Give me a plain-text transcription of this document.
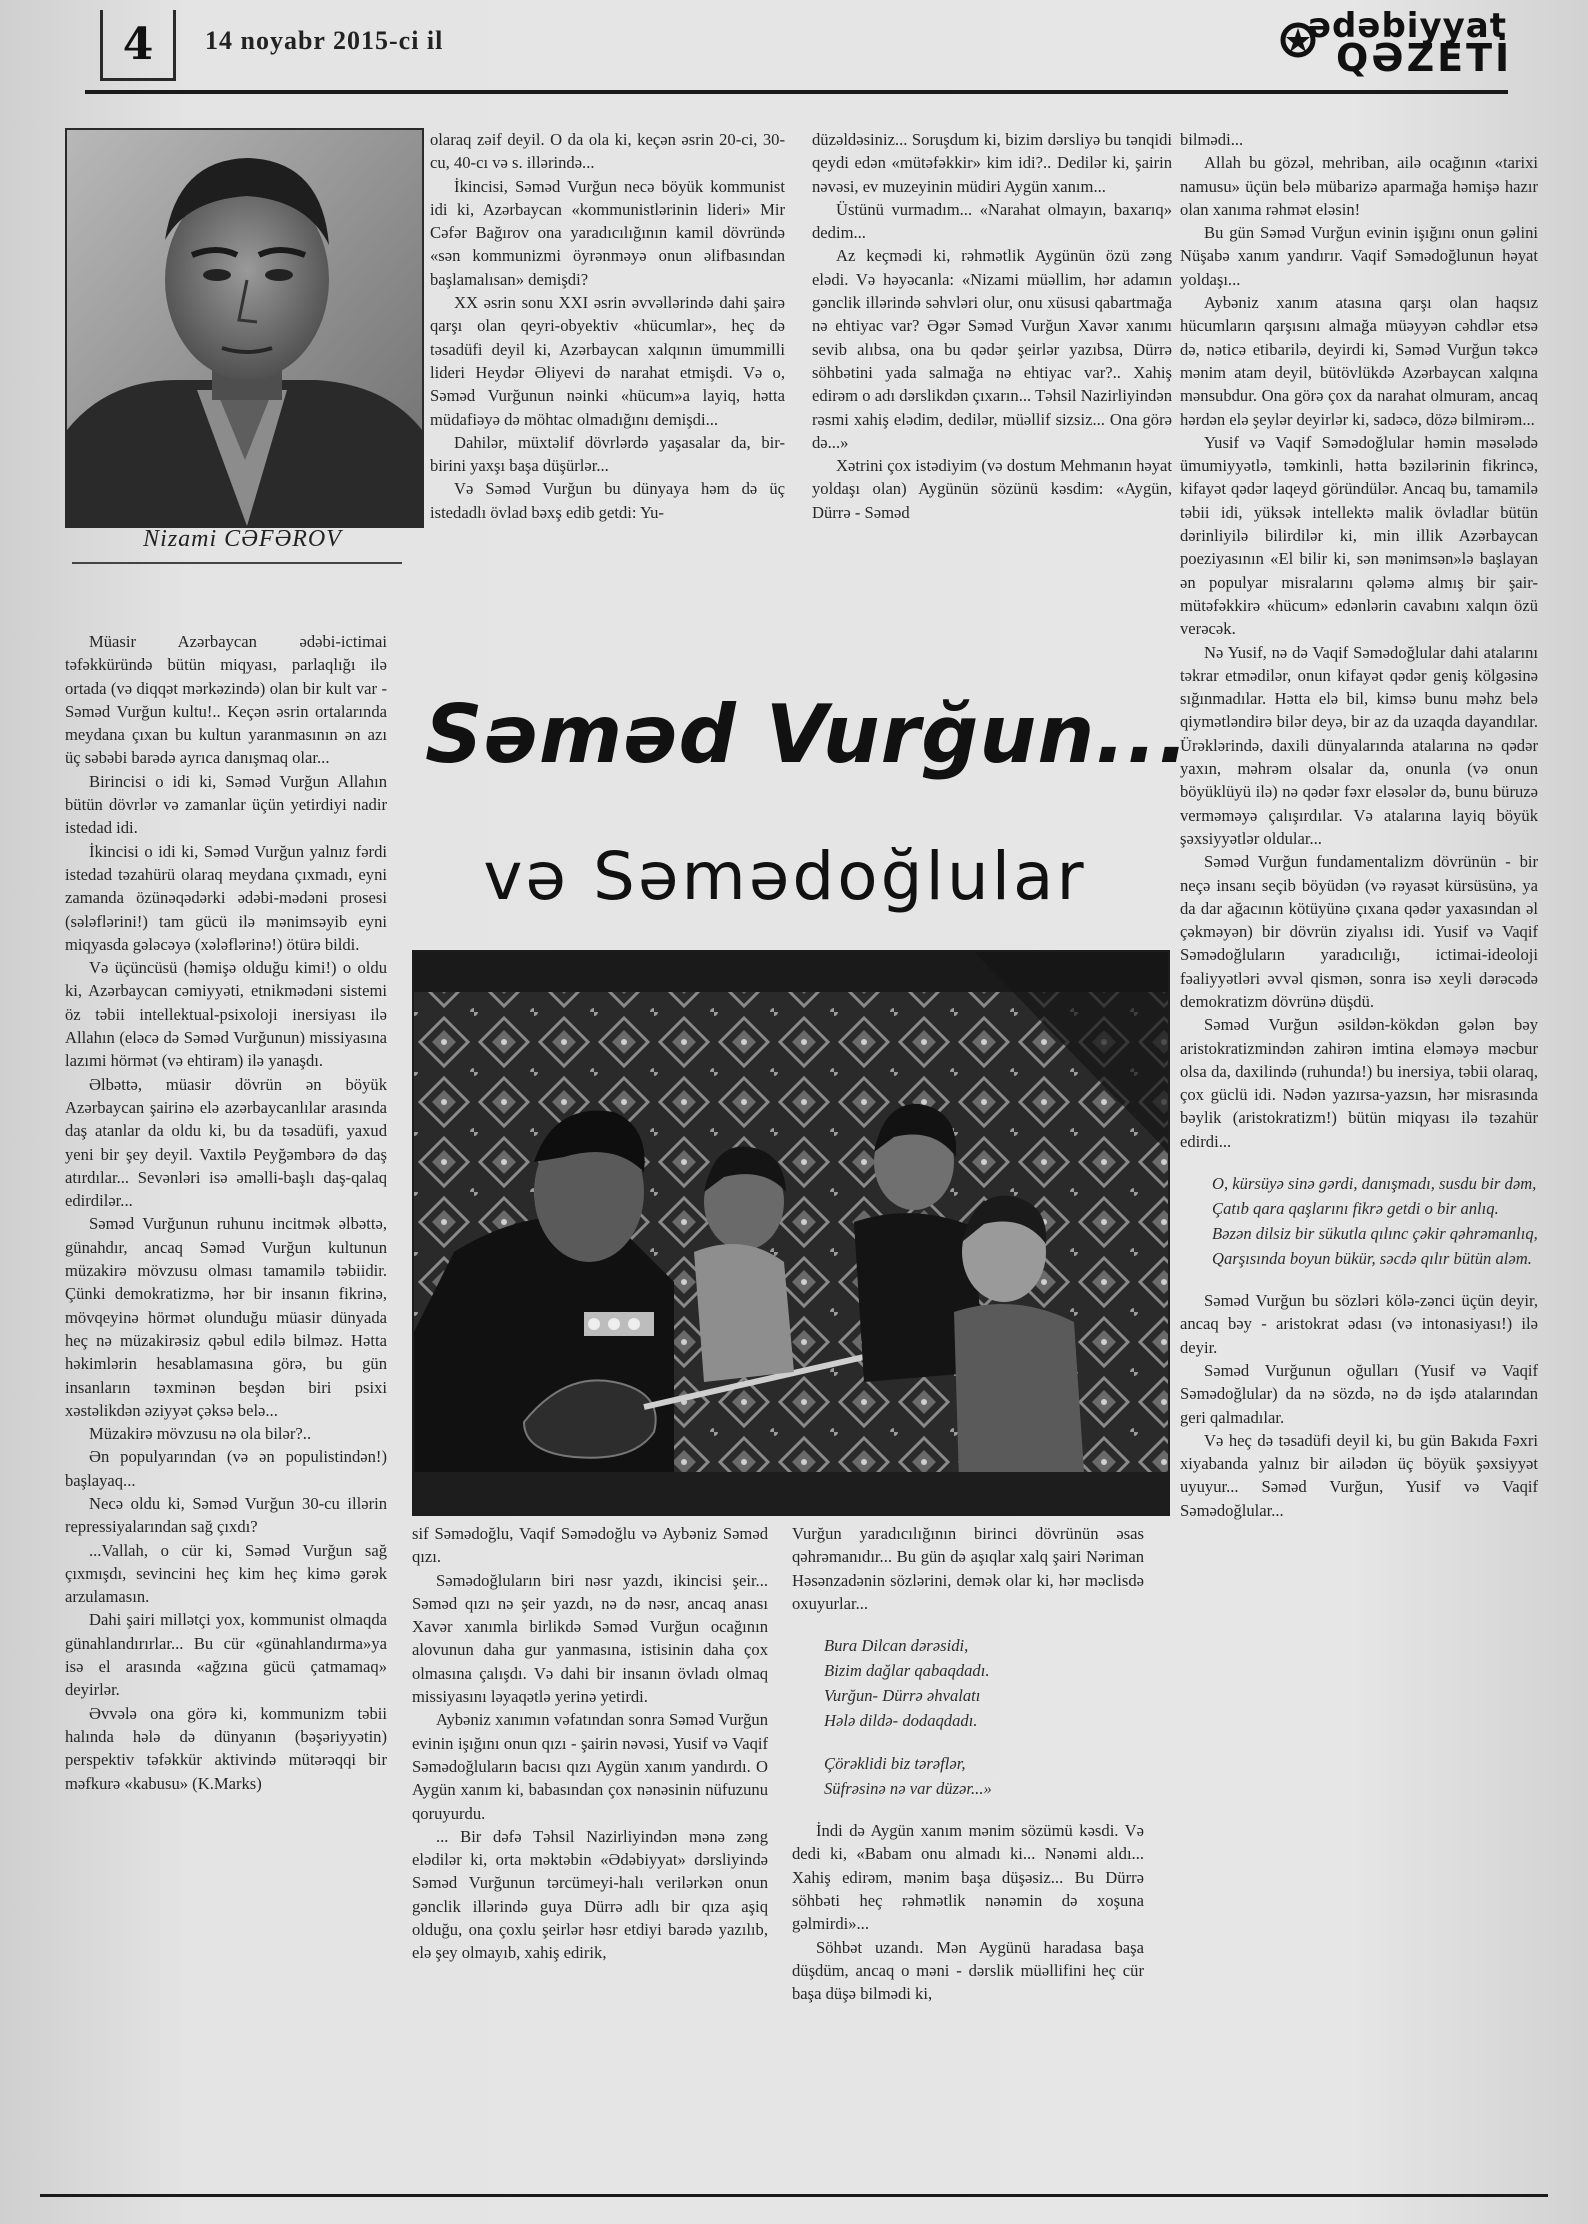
4	14 noyabr 2015-ci il	ədəbiyyat
QƏZETİ
Nizami CƏFƏROV

Müasir Azərbaycan ədəbi-ictimai təfəkküründə bütün miqyası, parlaqlığı ilə ortada (və diqqət mərkəzində) olan bir kult var - Səməd Vurğun kultu!.. Keçən əsrin ortalarında meydana çıxan bu kultun yaranmasının ən azı üç səbəbi barədə ayrıca danışmaq olar...

Birincisi o idi ki, Səməd Vurğun Allahın bütün dövrlər və zamanlar üçün yetirdiyi nadir istedad idi.

İkincisi o idi ki, Səməd Vurğun yalnız fərdi istedad təzahürü olaraq meydana çıxmadı, eyni zamanda özünəqədərki ədəbi-mədəni prosesi (sələflərini!) tam gücü ilə mənimsəyib eyni miqyasda gələcəyə (xələflərinə!) ötürə bildi.

Və üçüncüsü (həmişə olduğu kimi!) o oldu ki, Azərbaycan cəmiyyəti, etnikmədəni sistemi öz təbii intellektual-psixoloji inersiyası ilə Allahın (eləcə də Səməd Vurğunun) missiyasına lazımi hörmət (və ehtiram) ilə yanaşdı.

Əlbəttə, müasir dövrün ən böyük Azərbaycan şairinə elə azərbaycanlılar arasında daş atanlar da oldu ki, bu da təsadüfi, yaxud yeni bir şey deyil. Vaxtilə Peyğəmbərə də daş atırdılar... Sevənləri isə əməlli-başlı daş-qalaq edirdilər...

Səməd Vurğunun ruhunu incitmək əlbəttə, günahdır, ancaq Səməd Vurğun kultunun müzakirə mövzusu olması tamamilə təbiidir. Çünki demokratizmə, hər bir insanın fikrinə, mövqeyinə hörmət olunduğu müasir dünyada heç nə müzakirəsiz qəbul edilə bilməz. Hətta həkimlərin hesablamasına görə, bu gün insanların təxminən beşdən biri psixi xəstəlikdən əziyyət çəksə belə...

Müzakirə mövzusu nə ola bilər?..

Ən populyarından (və ən populistindən!) başlayaq...

Necə oldu ki, Səməd Vurğun 30-cu illərin repressiyalarından sağ çıxdı?

...Vallah, o cür ki, Səməd Vurğun sağ çıxmışdı, sevincini heç kim heç kimə gərək arzulamasın.

Dahi şairi millətçi yox, kommunist olmaqda günahlandırırlar... Bu cür «günahlandırma»ya isə el arasında «ağzına gücü çatmamaq» deyirlər.

Əvvələ ona görə ki, kommunizm təbii halında hələ də dünyanın (bəşəriyyətin) perspektiv təfəkkür aktivində mütərəqqi bir məfkurə «kabusu» (K.Marks)

olaraq zəif deyil. O da ola ki, keçən əsrin 20-ci, 30-cu, 40-cı və s. illərində...

İkincisi, Səməd Vurğun necə böyük kommunist idi ki, Azərbaycan «kommunistlərinin lideri» Mir Cəfər Bağırov ona yaradıcılığının kamil dövründə «sən kommunizmi öyrənməyə onun əlifbasından başlamalısan» demişdi?

XX əsrin sonu XXI əsrin əvvəllərində dahi şairə qarşı olan qeyri-obyektiv «hücumlar», heç də təsadüfi deyil ki, Azərbaycan xalqının ümummilli lideri Heydər Əliyevi də narahat etmişdi. Və o, Səməd Vurğunun nəinki «hücum»a layiq, hətta müdafiəyə də möhtac olmadığını demişdi...

Dahilər, müxtəlif dövrlərdə yaşasalar da, bir-birini yaxşı başa düşürlər...

Və Səməd Vurğun bu dünyaya həm də üç istedadlı övlad bəxş edib getdi: Yu-

düzəldəsiniz... Soruşdum ki, bizim dərsliyə bu tənqidi qeydi edən «mütəfəkkir» kim idi?.. Dedilər ki, şairin nəvəsi, ev muzeyinin müdiri Aygün xanım...

Üstünü vurmadım... «Narahat olmayın, baxarıq» dedim...

Az keçmədi ki, rəhmətlik Aygünün özü zəng elədi. Və həyəcanla: «Nizami müəllim, hər adamın gənclik illərində səhvləri olur, onu xüsusi qabartmağa nə ehtiyac var? Əgər Səməd Vurğun Xavər xanımı sevib alıbsa, ona bu qədər şeirlər yazıbsa, Dürrə söhbətini yada salmağa nə ehtiyac var?.. Xahiş edirəm o adı dərslikdən çıxarın... Təhsil Nazirliyindən rəsmi xahiş elədim, dedilər, müəllif sizsiz... Ona görə də...»

Xətrini çox istədiyim (və dostum Mehmanın həyat yoldaşı olan) Aygünün sözünü kəsdim: «Aygün, Dürrə - Səməd

Səməd Vurğun...
və Səmədoğlular

sif Səmədoğlu, Vaqif Səmədoğlu və Aybəniz Səməd qızı.

Səmədoğluların biri nəsr yazdı, ikincisi şeir... Səməd qızı nə şeir yazdı, nə də nəsr, ancaq anası Xavər xanımla birlikdə Səməd Vurğun ocağının alovunun daha gur yanmasına, istisinin daha çox olmasına çalışdı. Və dahi bir insanın övladı olmaq missiyasını ləyaqətlə yerinə yetirdi.

Aybəniz xanımın vəfatından sonra Səməd Vurğun evinin işığını onun qızı - şairin nəvəsi, Yusif və Vaqif Səmədoğluların bacısı qızı Aygün xanım yandırdı. O Aygün xanım ki, babasından çox nənəsinin nüfuzunu qoruyurdu.

... Bir dəfə Təhsil Nazirliyindən mənə zəng elədilər ki, orta məktəbin «Ədəbiyyat» dərsliyində Səməd Vurğunun tərcümeyi-halı verilərkən onun gənclik illərində guya Dürrə adlı bir qıza aşiq olduğu, ona çoxlu şeirlər həsr etdiyi barədə yazılıb, elə şey olmayıb, xahiş edirik,

Vurğun yaradıcılığının birinci dövrünün əsas qəhrəmanıdır... Bu gün də aşıqlar xalq şairi Nəriman Həsənzadənin sözlərini, demək olar ki, hər məclisdə oxuyurlar...

Bura Dilcan dərəsidi,

Bizim dağlar qabaqdadı.

Vurğun- Dürrə əhvalatı

Hələ dildə- dodaqdadı.

Çörəklidi biz tərəflər,

Süfrəsinə nə var düzər...»

İndi də Aygün xanım mənim sözümü kəsdi. Və dedi ki, «Babam onu almadı ki... Nənəmi aldı... Xahiş edirəm, mənim başa düşəsiz... Bu Dürrə söhbəti heç rəhmətlik nənəmin də xoşuna gəlmirdi»...

Söhbət uzandı. Mən Aygünü haradasa başa düşdüm, ancaq o məni - dərslik müəllifini heç cür başa düşə bilmədi ki,

bilmədi...

Allah bu gözəl, mehriban, ailə ocağının «tarixi namusu» üçün belə mübarizə aparmağa həmişə hazır olan xanıma rəhmət eləsin!

Bu gün Səməd Vurğun evinin işığını onun gəlini Nüşabə xanım yandırır. Vaqif Səmədoğlunun həyat yoldaşı...

Aybəniz xanım atasına qarşı olan haqsız hücumların qarşısını almağa müəyyən cəhdlər etsə də, nəticə etibarilə, deyirdi ki, Səməd Vurğun təkcə mənim atam deyil, bütövlükdə Azərbaycan xalqına mənsubdur. Ona görə çox da narahat olmuram, ancaq hərdən elə şeylər deyirlər ki, sadəcə, dözə bilmirəm...

Yusif və Vaqif Səmədoğlular həmin məsələdə ümumiyyətlə, təmkinli, hətta bəzilərinin fikrincə, kifayət qədər laqeyd göründülər. Ancaq bu, tamamilə təbii idi, yüksək intellektə malik övladlar bütün dərinliyilə bilirdilər ki, min illik Azərbaycan poeziyasının «El bilir ki, sən mənimsən»lə başlayan ən populyar misralarını qələmə almış bir şair-mütəfəkkirə «hücum» edənlərin cavabını xalqın özü verəcək.

Nə Yusif, nə də Vaqif Səmədoğlular dahi atalarını təkrar etmədilər, onun kifayət qədər geniş kölgəsinə sığınmadılar. Hətta elə bil, kimsə bunu məhz belə qiymətləndirə bilər deyə, bir az da uzaqda dayandılar. Ürəklərində, daxili dünyalarında atalarına nə qədər yaxın, məhrəm olsalar da, onunla (və onun böyüklüyü ilə) nə qədər fəxr eləsələr də, bunu büruzə verməməyə çalışırdılar. Və atalarına layiq böyük şəxsiyyətlər oldular...

Səməd Vurğun fundamentalizm dövrünün - bir neçə insanı seçib böyüdən (və rəyasət kürsüsünə, ya da dar ağacının kötüyünə çıxana qədər yaxasından əl çəkməyən) bir dövrün ziyalısı idi. Yusif və Vaqif Səmədoğluların yaradıcılığı, ictimai-ideoloji fəaliyyətləri əvvəl qismən, sonra isə xeyli dərəcədə demokratizm dövrünə düşdü.

Səməd Vurğun əsildən-kökdən gələn bəy aristokratizmindən zahirən imtina eləməyə məcbur olsa da, daxilində (ruhunda!) bu inersiya, təbii olaraq, çox güclü idi. Nədən yazırsa-yazsın, hər misrasında bəylik (aristokratizm!) bütün miqyası ilə təzahür edirdi...

O, kürsüyə sinə gərdi, danışmadı, susdu bir dəm,

Çatıb qara qaşlarını fikrə getdi o bir anlıq.

Bəzən dilsiz bir sükutla qılınc çəkir qəhrəmanlıq,

Qarşısında boyun bükür, səcdə qılır bütün aləm.

Səməd Vurğun bu sözləri kölə-zənci üçün deyir, ancaq bəy - aristokrat ədası (və intonasiyası!) ilə deyir.

Səməd Vurğunun oğulları (Yusif və Vaqif Səmədoğlular) da nə sözdə, nə də işdə atalarından geri qalmadılar.

Və heç də təsadüfi deyil ki, bu gün Bakıda Fəxri xiyabanda yalnız bir ailədən üç böyük şəxsiyyət uyuyur... Səməd Vurğun, Yusif və Vaqif Səmədoğlular...
